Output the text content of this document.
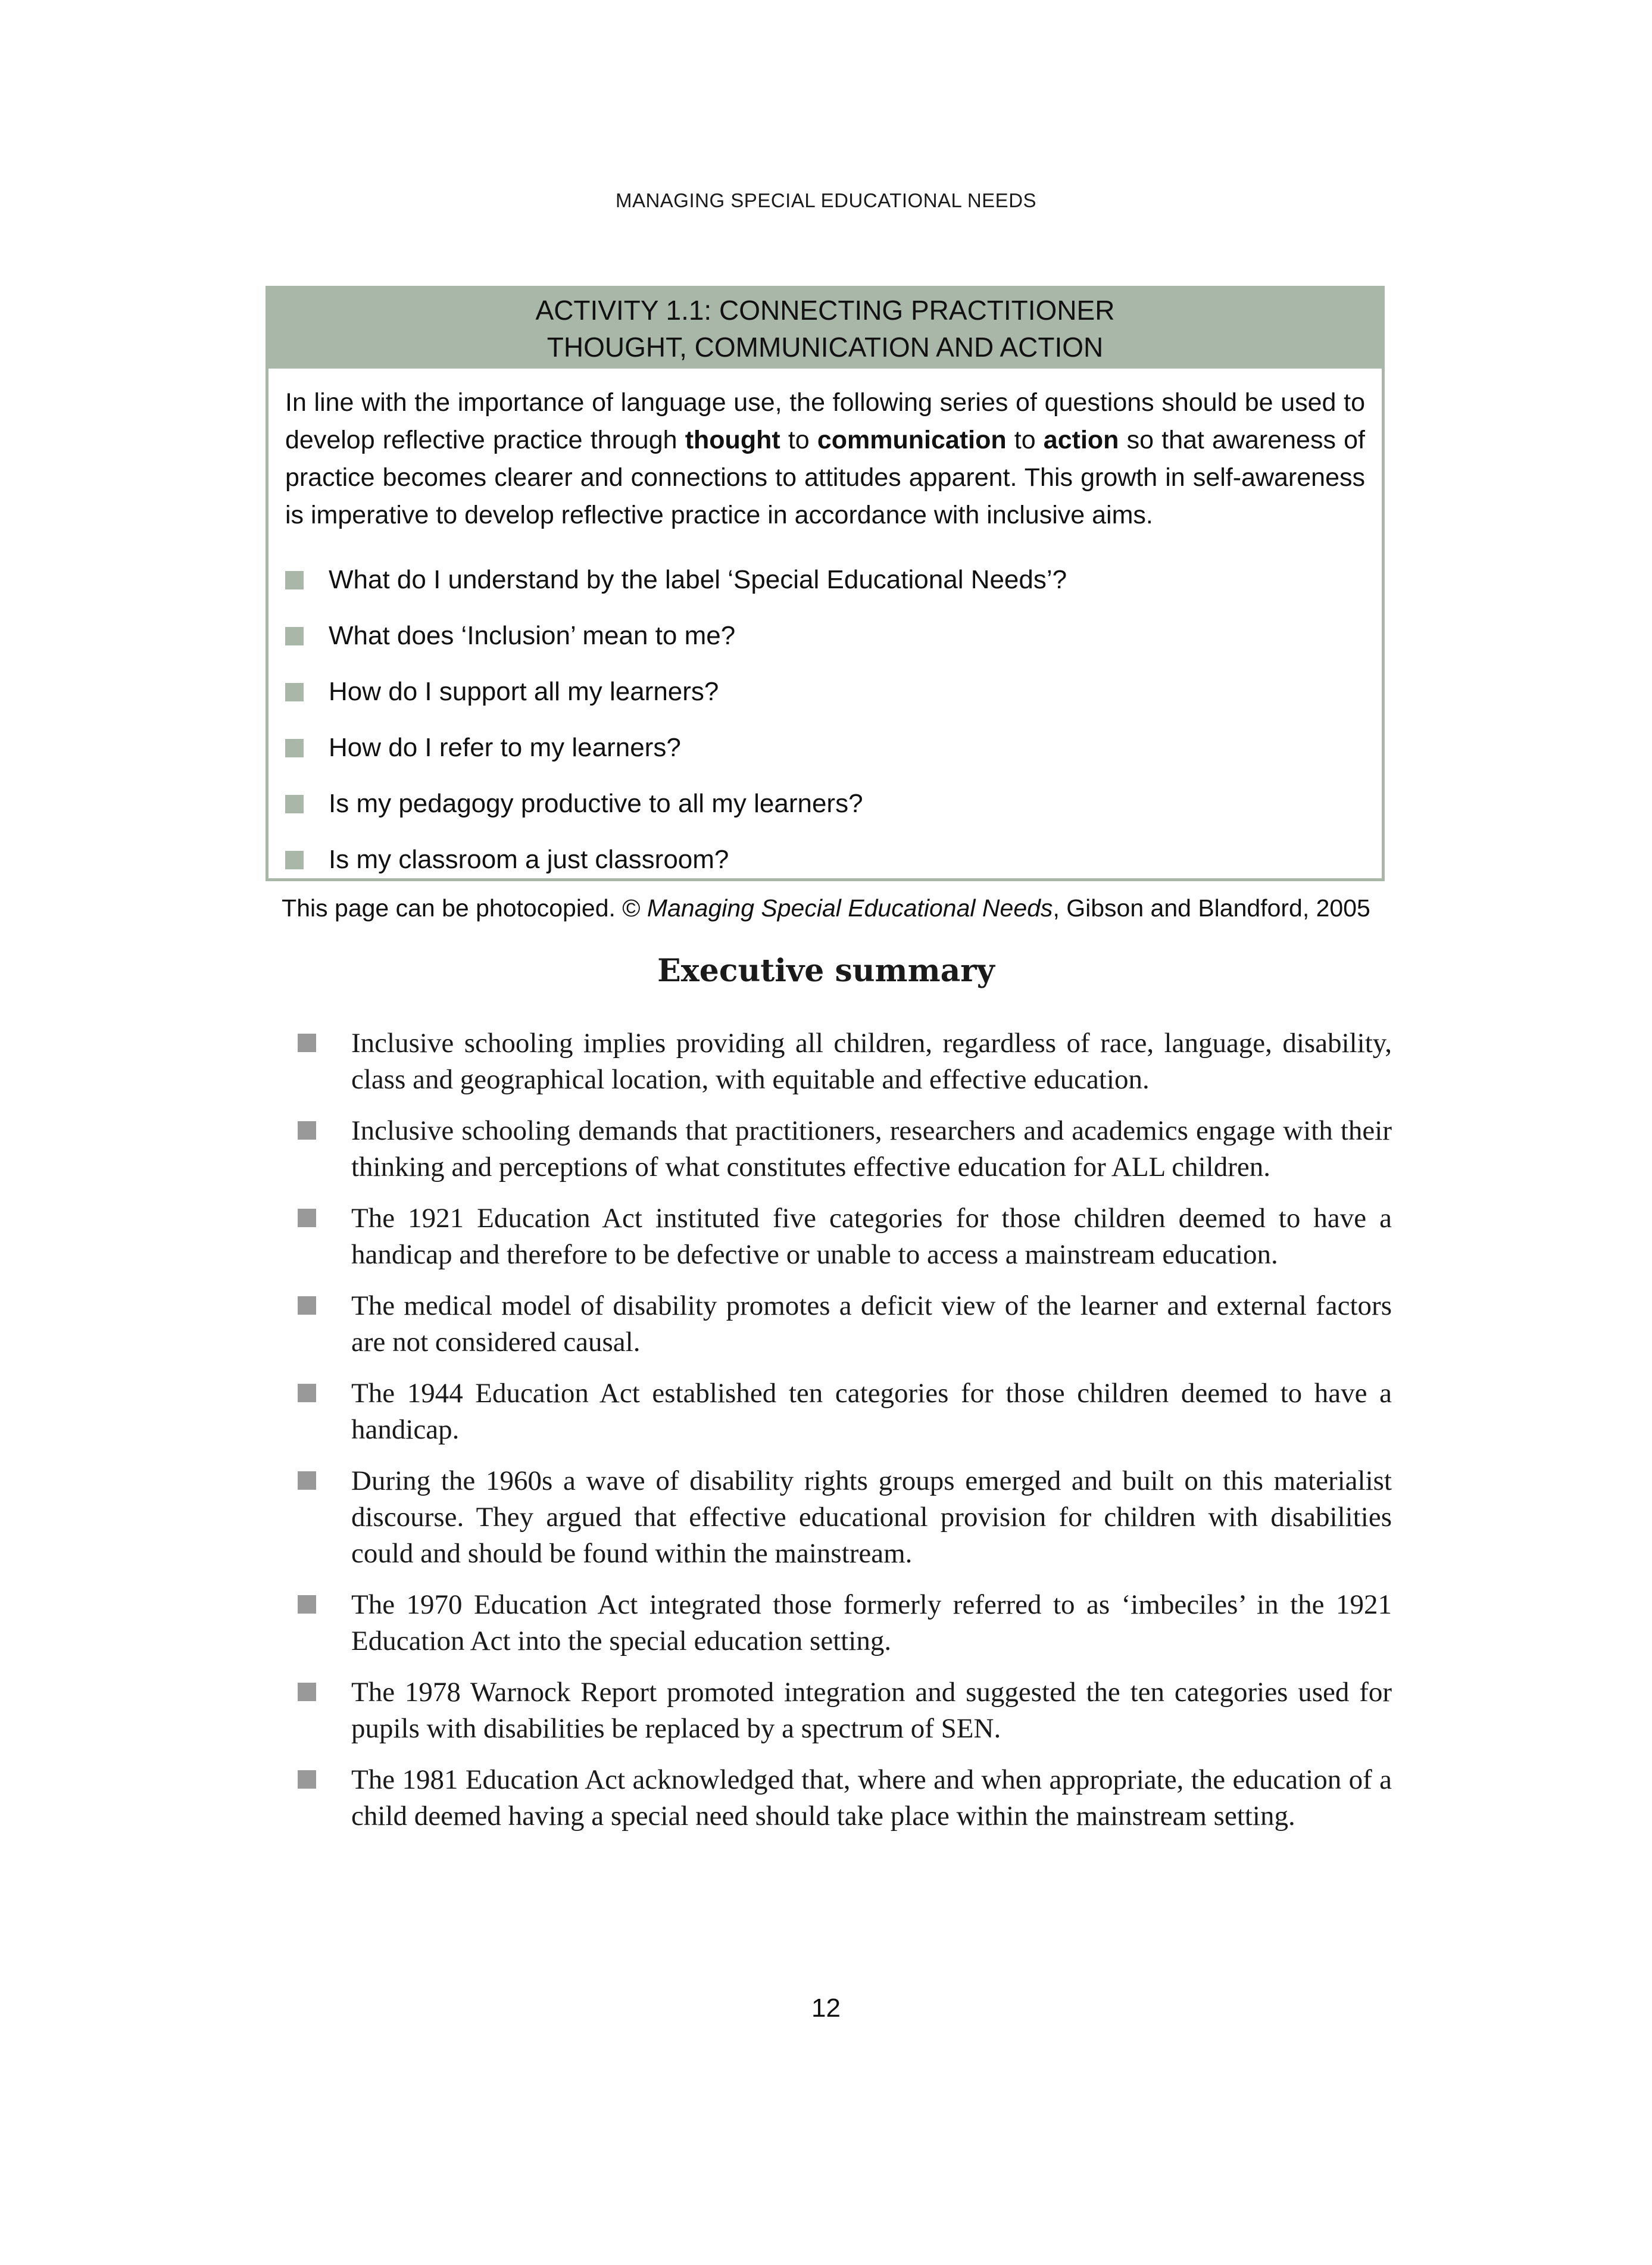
MANAGING SPECIAL EDUCATIONAL NEEDS
ACTIVITY 1.1: CONNECTING PRACTITIONER
THOUGHT, COMMUNICATION AND ACTION

In line with the importance of language use, the following series of questions should be used to develop reflective practice through thought to communication to action so that awareness of practice becomes clearer and connections to attitudes apparent. This growth in self-awareness is imperative to develop reflective practice in accordance with inclusive aims.

What do I understand by the label ‘Special Educational Needs’?
What does ‘Inclusion’ mean to me?
How do I support all my learners?
How do I refer to my learners?
Is my pedagogy productive to all my learners?
Is my classroom a just classroom?
This page can be photocopied. © Managing Special Educational Needs, Gibson and Blandford, 2005
Executive summary
Inclusive schooling implies providing all children, regardless of race, language, disability, class and geographical location, with equitable and effective education.
Inclusive schooling demands that practitioners, researchers and academics engage with their thinking and perceptions of what constitutes effective education for ALL children.
The 1921 Education Act instituted five categories for those children deemed to have a handicap and therefore to be defective or unable to access a mainstream education.
The medical model of disability promotes a deficit view of the learner and external factors are not considered causal.
The 1944 Education Act established ten categories for those children deemed to have a handicap.
During the 1960s a wave of disability rights groups emerged and built on this materialist discourse. They argued that effective educational provision for children with disabilities could and should be found within the mainstream.
The 1970 Education Act integrated those formerly referred to as ‘imbeciles’ in the 1921 Education Act into the special education setting.
The 1978 Warnock Report promoted integration and suggested the ten categories used for pupils with disabilities be replaced by a spectrum of SEN.
The 1981 Education Act acknowledged that, where and when appropriate, the education of a child deemed having a special need should take place within the mainstream setting.
12
